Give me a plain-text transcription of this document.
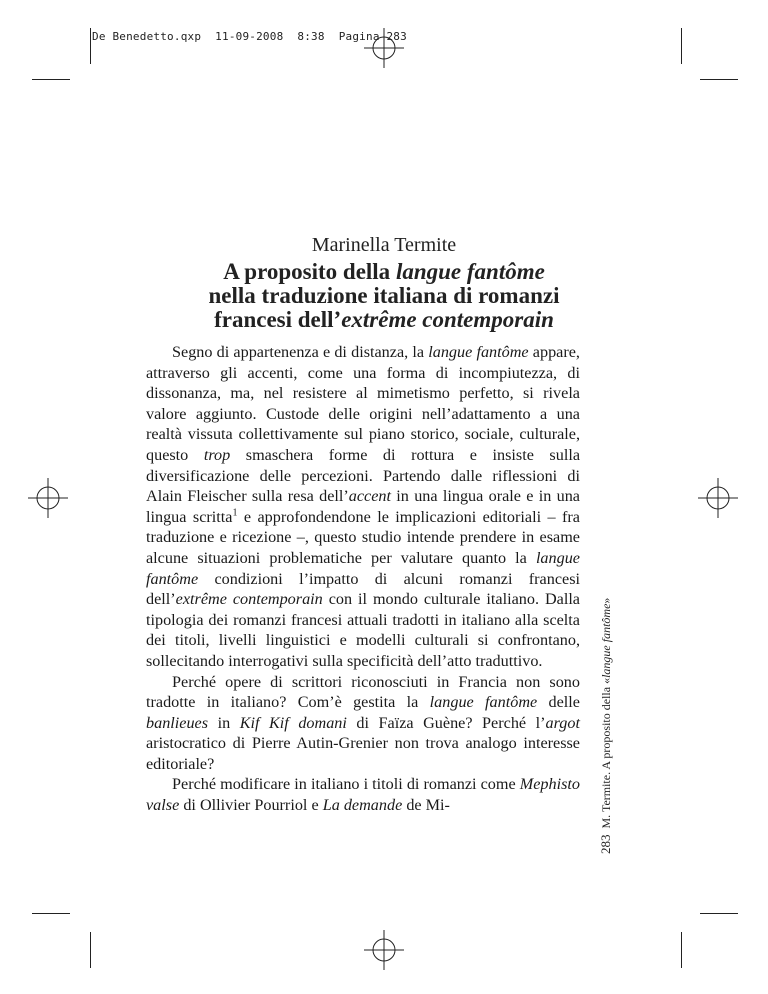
De Benedetto.qxp 11-09-2008 8:38 Pagina 283
Marinella Termite
A proposito della langue fantôme
nella traduzione italiana di romanzi
francesi dell’extrême contemporain

Segno di appartenenza e di distanza, la langue fantôme appare, attraverso gli accenti, come una forma di incompiutezza, di dissonanza, ma, nel resistere al mimetismo perfetto, si rivela valore aggiunto. Custode delle origini nell’adattamento a una realtà vissuta collettivamente sul piano storico, sociale, culturale, questo trop smaschera forme di rottura e insiste sulla diversificazione delle percezioni. Partendo dalle riflessioni di Alain Fleischer sulla resa dell’accent in una lingua orale e in una lingua scritta$^1$ e approfondendone le implicazioni editoriali – fra traduzione e ricezione –, questo studio intende prendere in esame alcune situazioni problematiche per valutare quanto la langue fantôme condizioni l’impatto di alcuni romanzi francesi dell’extrême contemporain con il mondo culturale italiano. Dalla tipologia dei romanzi francesi attuali tradotti in italiano alla scelta dei titoli, livelli linguistici e modelli culturali si confrontano, sollecitando interrogativi sulla specificità dell’atto traduttivo.

Perché opere di scrittori riconosciuti in Francia non sono tradotte in italiano? Com’è gestita la langue fantôme delle banlieues in Kif Kif domani di Faïza Guène? Perché l’argot aristocratico di Pierre Autin-Grenier non trova analogo interesse editoriale?

Perché modificare in italiano i titoli di romanzi come Mephisto valse di Ollivier Pourriol e La demande de Mi-

283M. Termite. A proposito della «langue fantôme»
